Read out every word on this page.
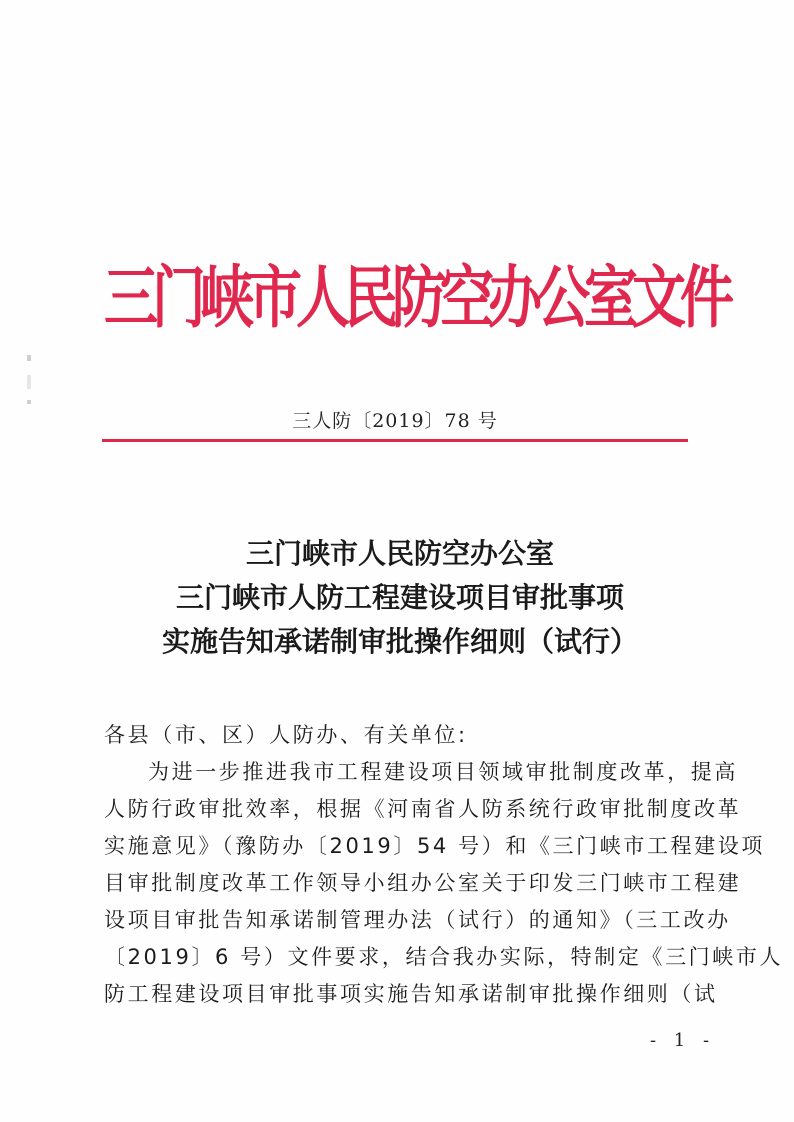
三门峡市人民防空办公室文件
三人防〔2019〕78 号
三门峡市人民防空办公室
三门峡市人防工程建设项目审批事项
实施告知承诺制审批操作细则（试行）
各县（市、区）人防办、有关单位:
为进一步推进我市工程建设项目领域审批制度改革，提高
人防行政审批效率，根据《河南省人防系统行政审批制度改革
实施意见》（豫防办〔2019〕54 号）和《三门峡市工程建设项
目审批制度改革工作领导小组办公室关于印发三门峡市工程建
设项目审批告知承诺制管理办法（试行）的通知》（三工改办
〔2019〕6 号）文件要求，结合我办实际，特制定《三门峡市人
防工程建设项目审批事项实施告知承诺制审批操作细则（试
- 1 -
